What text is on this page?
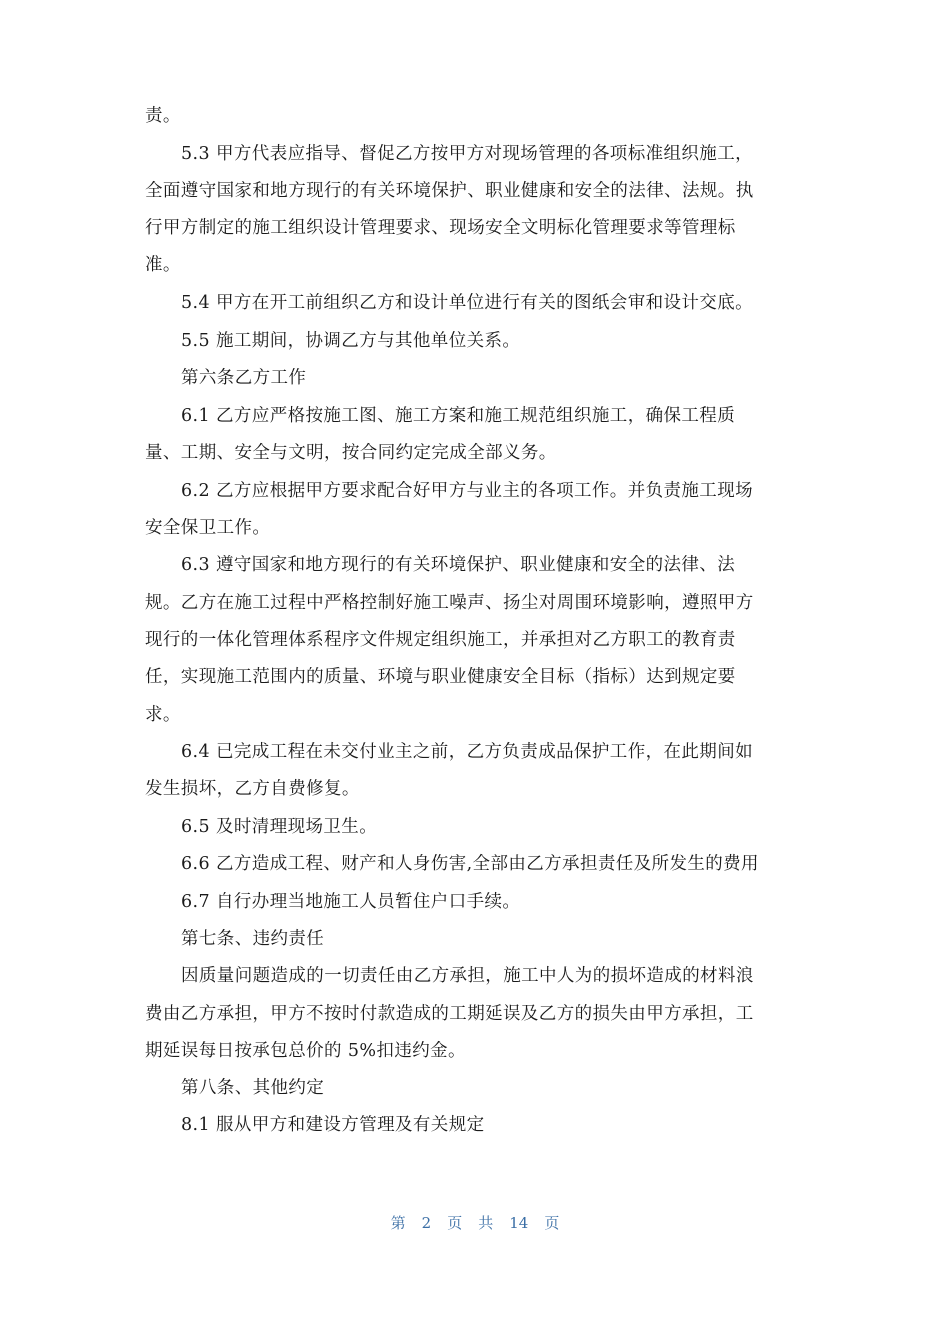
责。
5.3 甲方代表应指导、督促乙方按甲方对现场管理的各项标准组织施工，
全面遵守国家和地方现行的有关环境保护、职业健康和安全的法律、法规。执
行甲方制定的施工组织设计管理要求、现场安全文明标化管理要求等管理标
准。
5.4 甲方在开工前组织乙方和设计单位进行有关的图纸会审和设计交底。
5.5 施工期间，协调乙方与其他单位关系。
第六条乙方工作
6.1 乙方应严格按施工图、施工方案和施工规范组织施工，确保工程质
量、工期、安全与文明，按合同约定完成全部义务。
6.2 乙方应根据甲方要求配合好甲方与业主的各项工作。并负责施工现场
安全保卫工作。
6.3 遵守国家和地方现行的有关环境保护、职业健康和安全的法律、法
规。乙方在施工过程中严格控制好施工噪声、扬尘对周围环境影响，遵照甲方
现行的一体化管理体系程序文件规定组织施工，并承担对乙方职工的教育责
任，实现施工范围内的质量、环境与职业健康安全目标（指标）达到规定要
求。
6.4 已完成工程在未交付业主之前，乙方负责成品保护工作，在此期间如
发生损坏，乙方自费修复。
6.5 及时清理现场卫生。
6.6 乙方造成工程、财产和人身伤害,全部由乙方承担责任及所发生的费用
6.7 自行办理当地施工人员暂住户口手续。
第七条、违约责任
因质量问题造成的一切责任由乙方承担，施工中人为的损坏造成的材料浪
费由乙方承担，甲方不按时付款造成的工期延误及乙方的损失由甲方承担，工
期延误每日按承包总价的 5%扣违约金。
第八条、其他约定
8.1 服从甲方和建设方管理及有关规定
第 2 页 共 14 页
